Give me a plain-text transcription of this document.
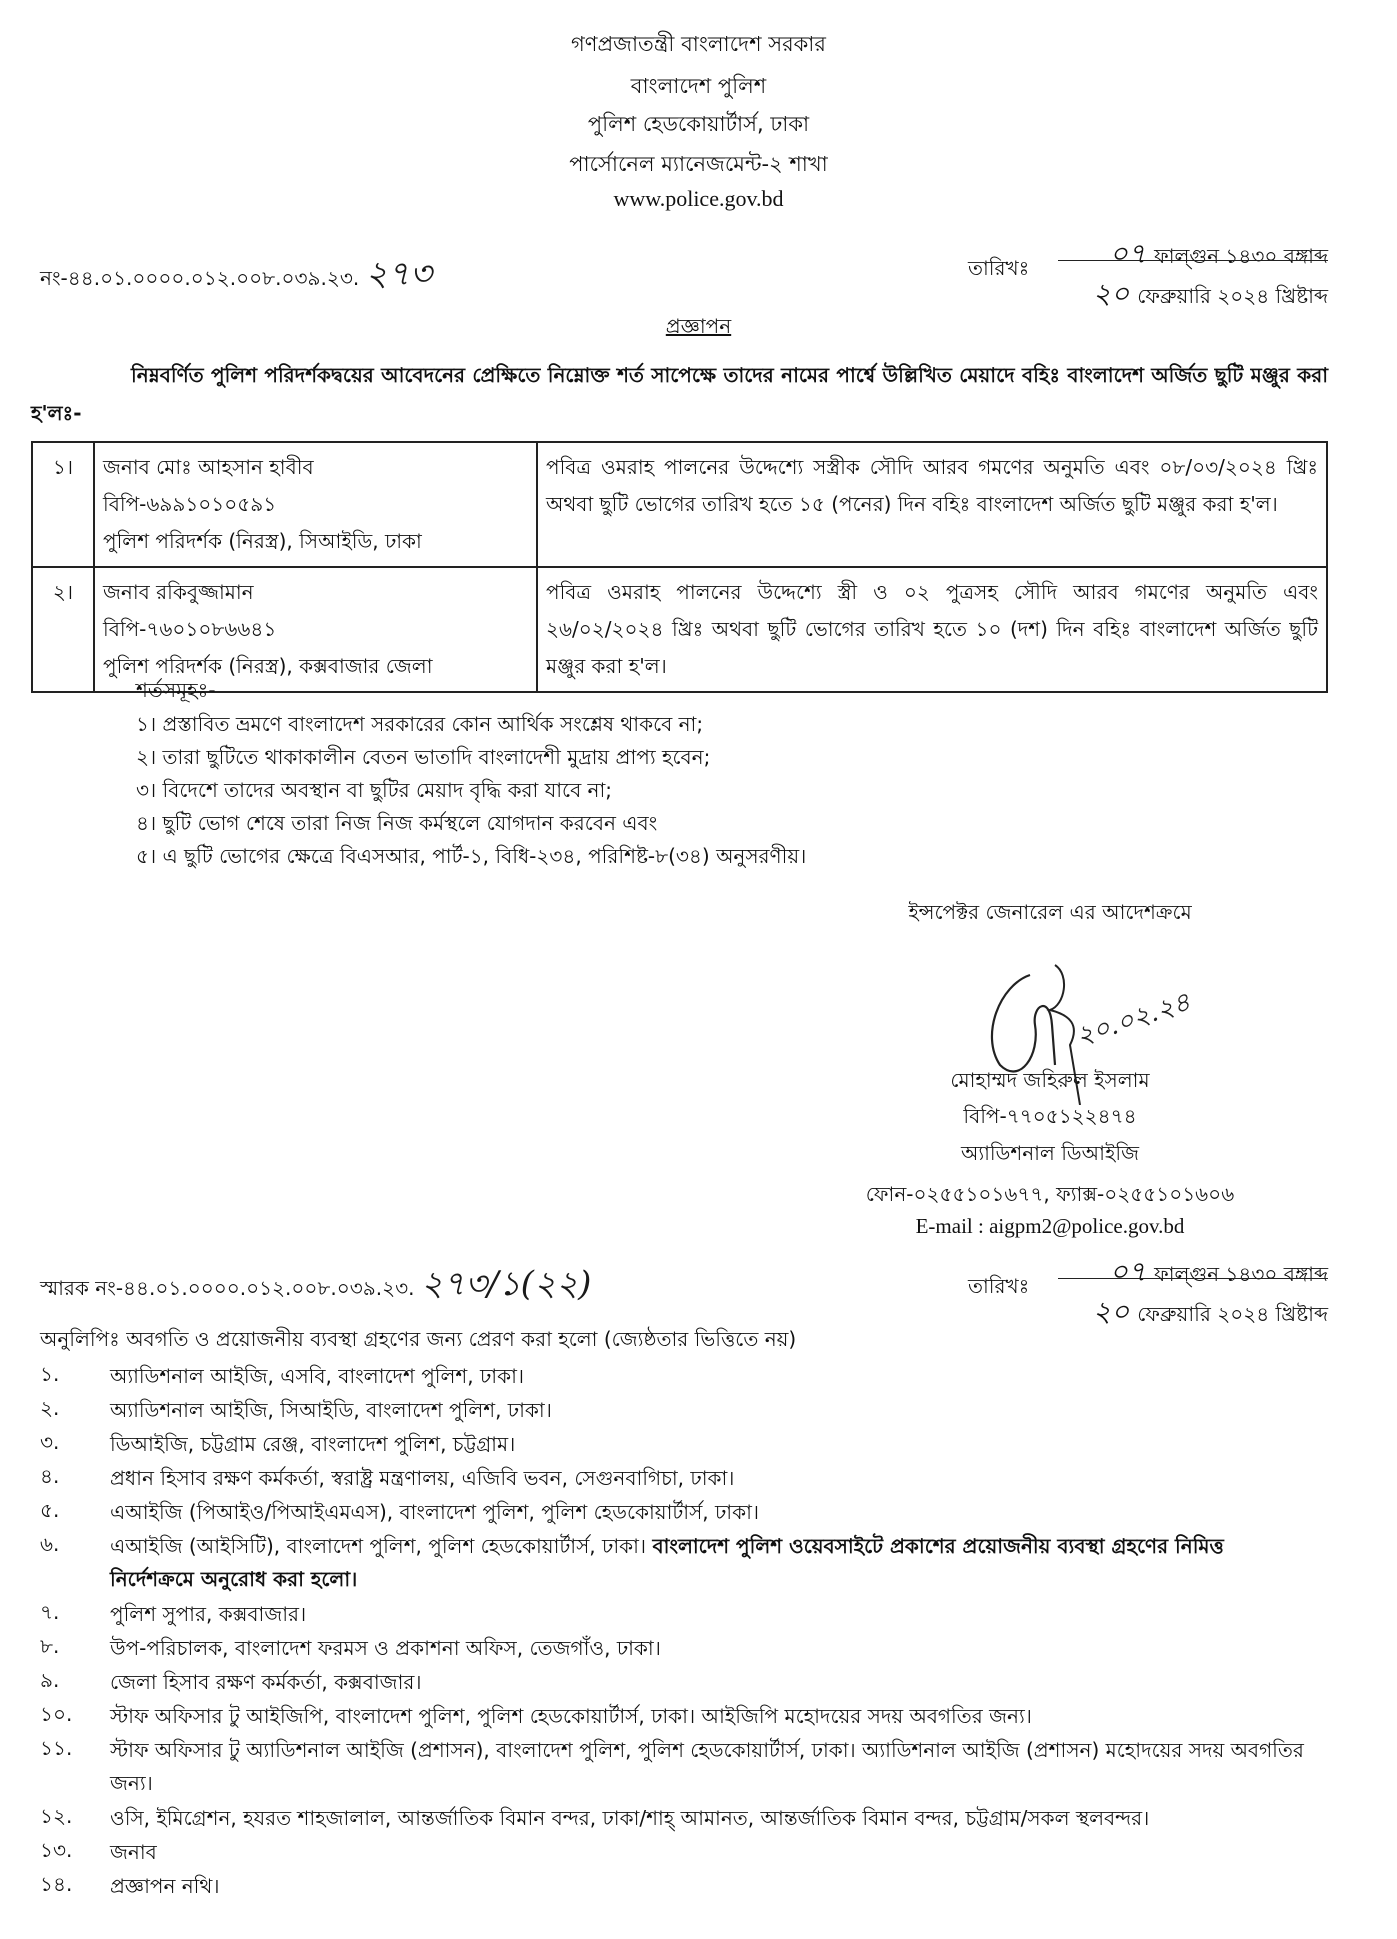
গণপ্রজাতন্ত্রী বাংলাদেশ সরকার
বাংলাদেশ পুলিশ
পুলিশ হেডকোয়ার্টার্স, ঢাকা
পার্সোনেল ম্যানেজমেন্ট-২ শাখা
www.police.gov.bd
নং-৪৪.০১.০০০০.০১২.০০৮.০৩৯.২৩. ২৭৩	তারিখঃ	০৭ ফাল্গুন ১৪৩০ বঙ্গাব্দ
২০ ফেব্রুয়ারি ২০২৪ খ্রিষ্টাব্দ
প্রজ্ঞাপন
নিম্নবর্ণিত পুলিশ পরিদর্শকদ্বয়ের আবেদনের প্রেক্ষিতে নিম্নোক্ত শর্ত সাপেক্ষে তাদের নামের পার্শ্বে উল্লিখিত মেয়াদে বহিঃ বাংলাদেশ অর্জিত ছুটি মঞ্জুর করা হ'লঃ-
১।	জনাব মোঃ আহসান হাবীব
বিপি-৬৯৯১০১০৫৯১
পুলিশ পরিদর্শক (নিরস্ত্র), সিআইডি, ঢাকা	পবিত্র ওমরাহ পালনের উদ্দেশ্যে সস্ত্রীক সৌদি আরব গমণের অনুমতি এবং ০৮/০৩/২০২৪ খ্রিঃ অথবা ছুটি ভোগের তারিখ হতে ১৫ (পনের) দিন বহিঃ বাংলাদেশ অর্জিত ছুটি মঞ্জুর করা হ'ল।
২।	জনাব রকিবুজ্জামান
বিপি-৭৬০১০৮৬৬৪১
পুলিশ পরিদর্শক (নিরস্ত্র), কক্সবাজার জেলা	পবিত্র ওমরাহ পালনের উদ্দেশ্যে স্ত্রী ও ০২ পুত্রসহ সৌদি আরব গমণের অনুমতি এবং ২৬/০২/২০২৪ খ্রিঃ অথবা ছুটি ভোগের তারিখ হতে ১০ (দশ) দিন বহিঃ বাংলাদেশ অর্জিত ছুটি মঞ্জুর করা হ'ল।
শর্তসমূহঃ-
১। প্রস্তাবিত ভ্রমণে বাংলাদেশ সরকারের কোন আর্থিক সংশ্লেষ থাকবে না;
২। তারা ছুটিতে থাকাকালীন বেতন ভাতাদি বাংলাদেশী মুদ্রায় প্রাপ্য হবেন;
৩। বিদেশে তাদের অবস্থান বা ছুটির মেয়াদ বৃদ্ধি করা যাবে না;
৪। ছুটি ভোগ শেষে তারা নিজ নিজ কর্মস্থলে যোগদান করবেন এবং
৫। এ ছুটি ভোগের ক্ষেত্রে বিএসআর, পার্ট-১, বিধি-২৩৪, পরিশিষ্ট-৮(৩৪) অনুসরণীয়।
ইন্সপেক্টর জেনারেল এর আদেশক্রমে
২০.০২.২৪
মোহাম্মদ জহিরুল ইসলাম
বিপি-৭৭০৫১২২৪৭৪
অ্যাডিশনাল ডিআইজি
ফোন-০২৫৫১০১৬৭৭, ফ্যাক্স-০২৫৫১০১৬০৬
E-mail : aigpm2@police.gov.bd
স্মারক নং-৪৪.০১.০০০০.০১২.০০৮.০৩৯.২৩. ২৭৩/১(২২)	তারিখঃ	০৭ ফাল্গুন ১৪৩০ বঙ্গাব্দ
২০ ফেব্রুয়ারি ২০২৪ খ্রিষ্টাব্দ
অনুলিপিঃ অবগতি ও প্রয়োজনীয় ব্যবস্থা গ্রহণের জন্য প্রেরণ করা হলো (জ্যেষ্ঠতার ভিত্তিতে নয়)
১.	অ্যাডিশনাল আইজি, এসবি, বাংলাদেশ পুলিশ, ঢাকা।
২.	অ্যাডিশনাল আইজি, সিআইডি, বাংলাদেশ পুলিশ, ঢাকা।
৩.	ডিআইজি, চট্টগ্রাম রেঞ্জ, বাংলাদেশ পুলিশ, চট্টগ্রাম।
৪.	প্রধান হিসাব রক্ষণ কর্মকর্তা, স্বরাষ্ট্র মন্ত্রণালয়, এজিবি ভবন, সেগুনবাগিচা, ঢাকা।
৫.	এআইজি (পিআইও/পিআইএমএস), বাংলাদেশ পুলিশ, পুলিশ হেডকোয়ার্টার্স, ঢাকা।
৬.	এআইজি (আইসিটি), বাংলাদেশ পুলিশ, পুলিশ হেডকোয়ার্টার্স, ঢাকা। বাংলাদেশ পুলিশ ওয়েবসাইটে প্রকাশের প্রয়োজনীয় ব্যবস্থা গ্রহণের নিমিত্ত নির্দেশক্রমে অনুরোধ করা হলো।
৭.	পুলিশ সুপার, কক্সবাজার।
৮.	উপ-পরিচালক, বাংলাদেশ ফরমস ও প্রকাশনা অফিস, তেজগাঁও, ঢাকা।
৯.	জেলা হিসাব রক্ষণ কর্মকর্তা, কক্সবাজার।
১০. স্টাফ অফিসার টু আইজিপি, বাংলাদেশ পুলিশ, পুলিশ হেডকোয়ার্টার্স, ঢাকা। আইজিপি মহোদয়ের সদয় অবগতির জন্য।
১১. স্টাফ অফিসার টু অ্যাডিশনাল আইজি (প্রশাসন), বাংলাদেশ পুলিশ, পুলিশ হেডকোয়ার্টার্স, ঢাকা। অ্যাডিশনাল আইজি (প্রশাসন) মহোদয়ের সদয় অবগতির জন্য।
১২. ওসি, ইমিগ্রেশন, হযরত শাহজালাল, আন্তর্জাতিক বিমান বন্দর, ঢাকা/শাহ্ আমানত, আন্তর্জাতিক বিমান বন্দর, চট্টগ্রাম/সকল স্থলবন্দর।
১৩. জনাব
১৪. প্রজ্ঞাপন নথি।
